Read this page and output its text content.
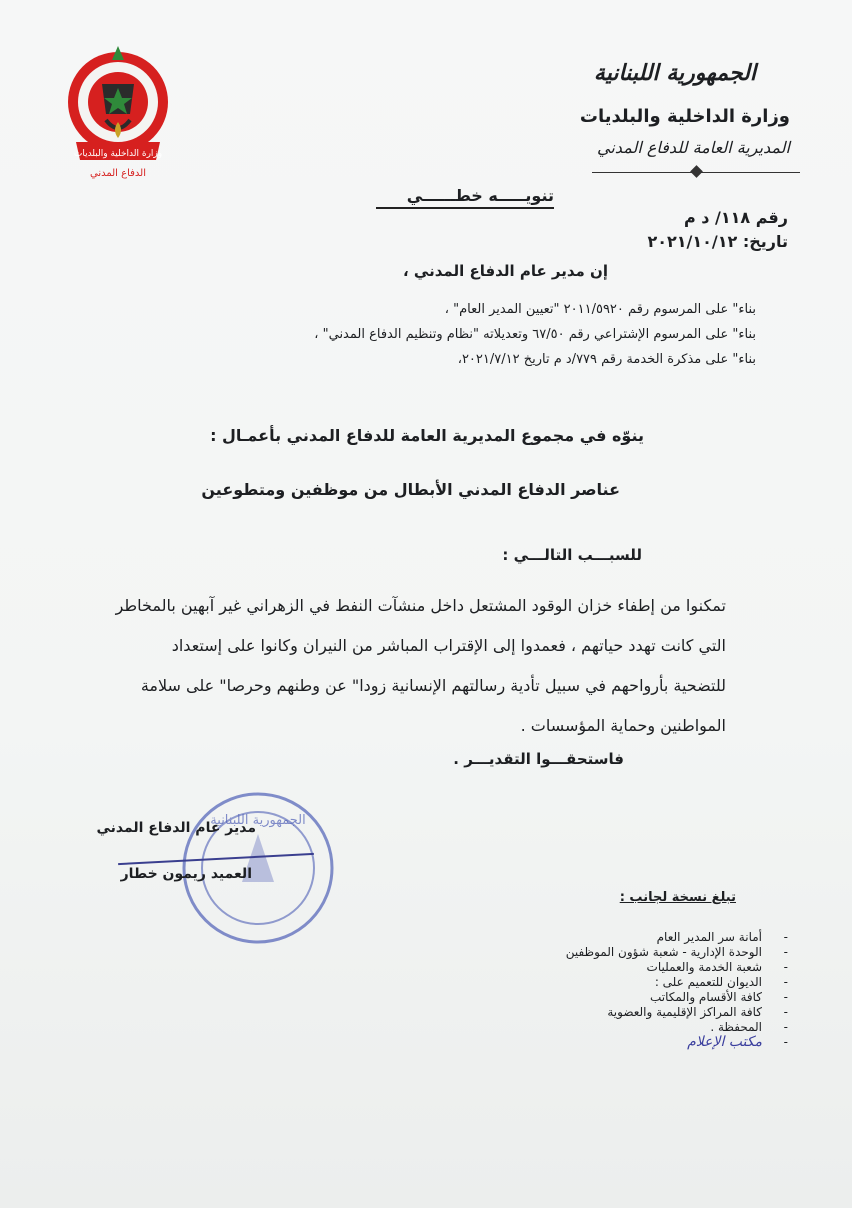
وزارة الداخلية والبلديات
الدفاع المدني
الجمهورية اللبنانية
وزارة الداخلية والبلديات
المديرية العامة للدفاع المدني
تنويـــــه خطــــــي
رقم ١١٨/ د م
تاريخ: ٢٠٢١/١٠/١٢
إن مدير عام الدفاع المدني ،
بناء" على المرسوم رقم ٢٠١١/٥٩٢٠ "تعيين المدير العام" ،
بناء" على المرسوم الإشتراعي رقم ٦٧/٥٠ وتعديلاته "نظام وتنظيم الدفاع المدني" ،
بناء" على مذكرة الخدمة رقم ٧٧٩/د م تاريخ ٢٠٢١/٧/١٢،
ينوّه في مجموع المديرية العامة للدفاع المدني بأعمـال :
عناصر الدفاع المدني الأبطال من موظفين ومتطوعين
للسبـــب التالـــي :
تمكنوا من إطفاء خزان الوقود المشتعل داخل منشآت النفط في الزهراني غير آبهين بالمخاطر
التي كانت تهدد حياتهم ، فعمدوا إلى الإقتراب المباشر من النيران وكانوا على إستعداد
للتضحية بأرواحهم في سبيل تأدية رسالتهم الإنسانية زودا" عن وطنهم وحرصا" على سلامة
المواطنين وحماية المؤسسات .
فاستحقـــوا التقديـــر .
الجمهورية اللبنانية
مدير عام الدفاع المدني
العميد ريمون خطار
تبلغ نسخة لجانب :
-
أمانة سر المدير العام
-
الوحدة الإدارية - شعبة شؤون الموظفين
-
شعبة الخدمة والعمليات
-
الديوان للتعميم على :
-
كافة الأقسام والمكاتب
-
كافة المراكز الإقليمية والعضوية
-
المحفظة .
-
مكتب الإعلام
